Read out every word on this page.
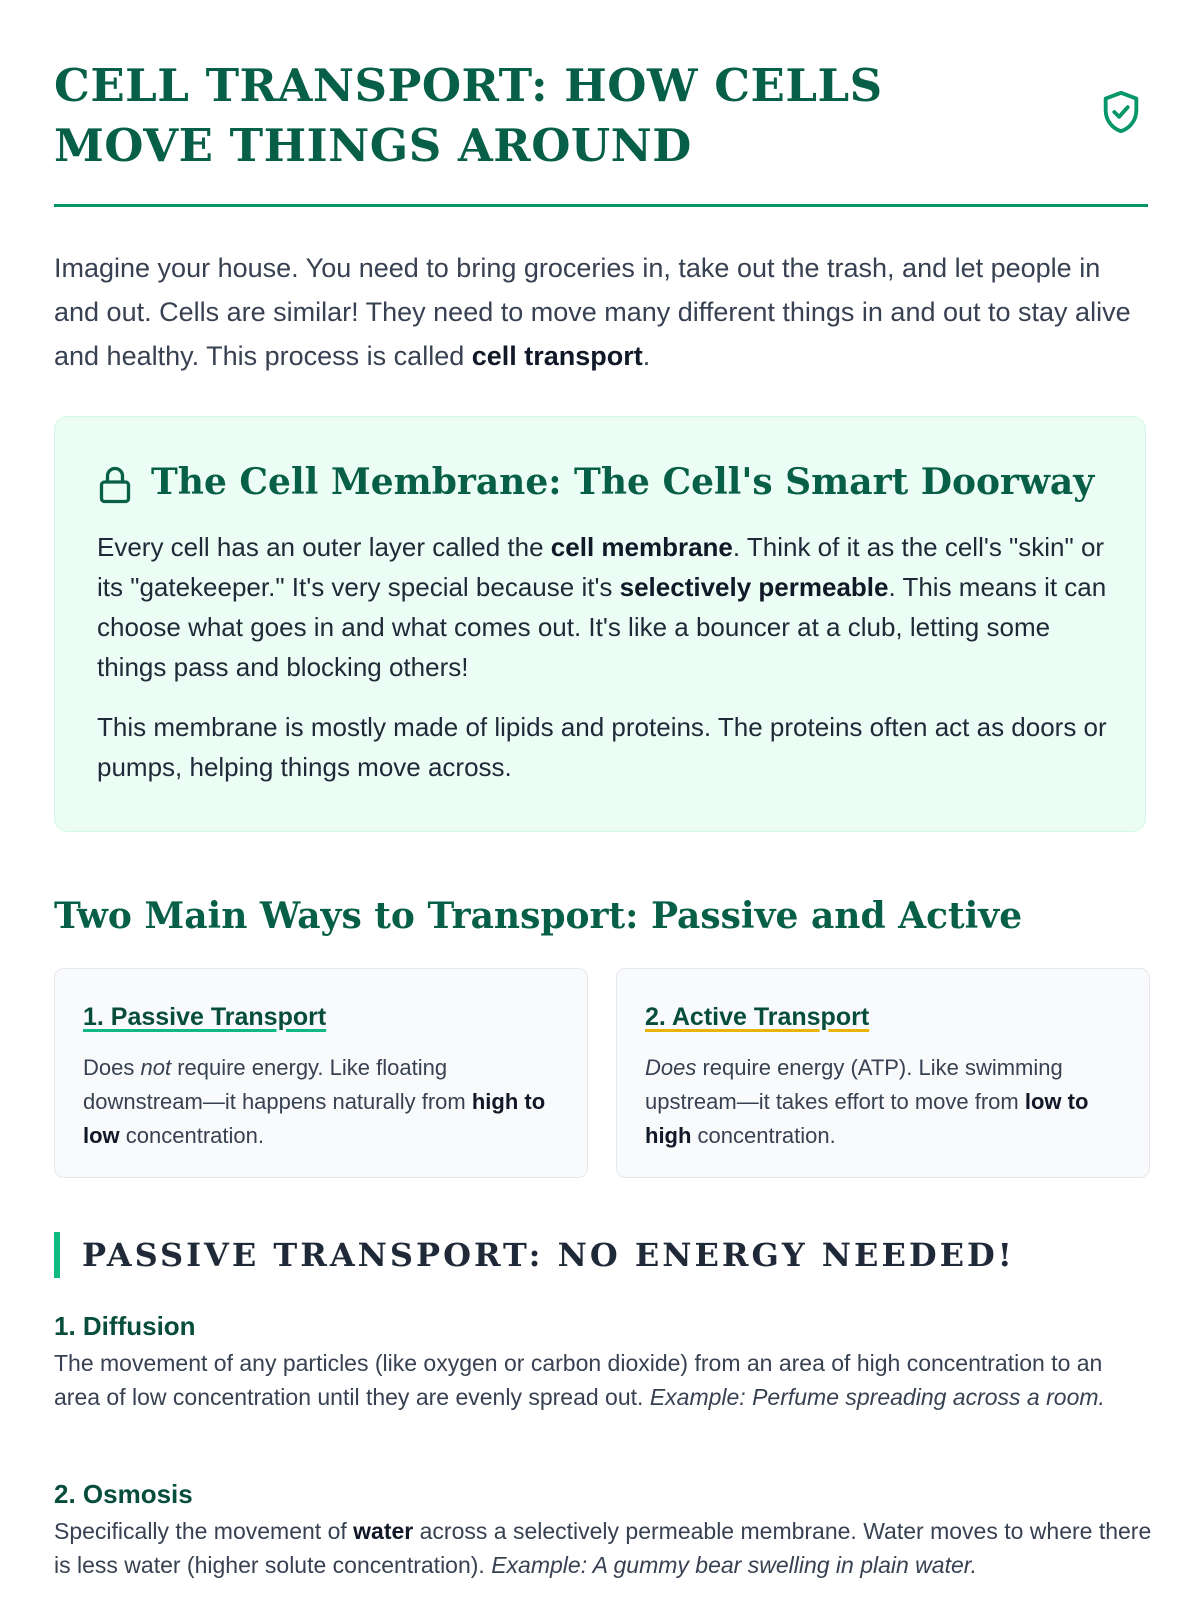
CELL TRANSPORT: HOW CELLS MOVE THINGS AROUND

Imagine your house. You need to bring groceries in, take out the trash, and let people in and out. Cells are similar! They need to move many different things in and out to stay alive and healthy. This process is called cell transport.

The Cell Membrane: The Cell's Smart Doorway

Every cell has an outer layer called the cell membrane. Think of it as the cell's "skin" or its "gatekeeper." It's very special because it's selectively permeable. This means it can choose what goes in and what comes out. It's like a bouncer at a club, letting some things pass and blocking others!

This membrane is mostly made of lipids and proteins. The proteins often act as doors or pumps, helping things move across.

Two Main Ways to Transport: Passive and Active
1. Passive Transport

Does not require energy. Like floating downstream—it happens naturally from high to low concentration.

2. Active Transport

Does require energy (ATP). Like swimming upstream—it takes effort to move from low to high concentration.

PASSIVE TRANSPORT: NO ENERGY NEEDED!
1. Diffusion

The movement of any particles (like oxygen or carbon dioxide) from an area of high concentration to an area of low concentration until they are evenly spread out. Example: Perfume spreading across a room.

2. Osmosis

Specifically the movement of water across a selectively permeable membrane. Water moves to where there is less water (higher solute concentration). Example: A gummy bear swelling in plain water.
